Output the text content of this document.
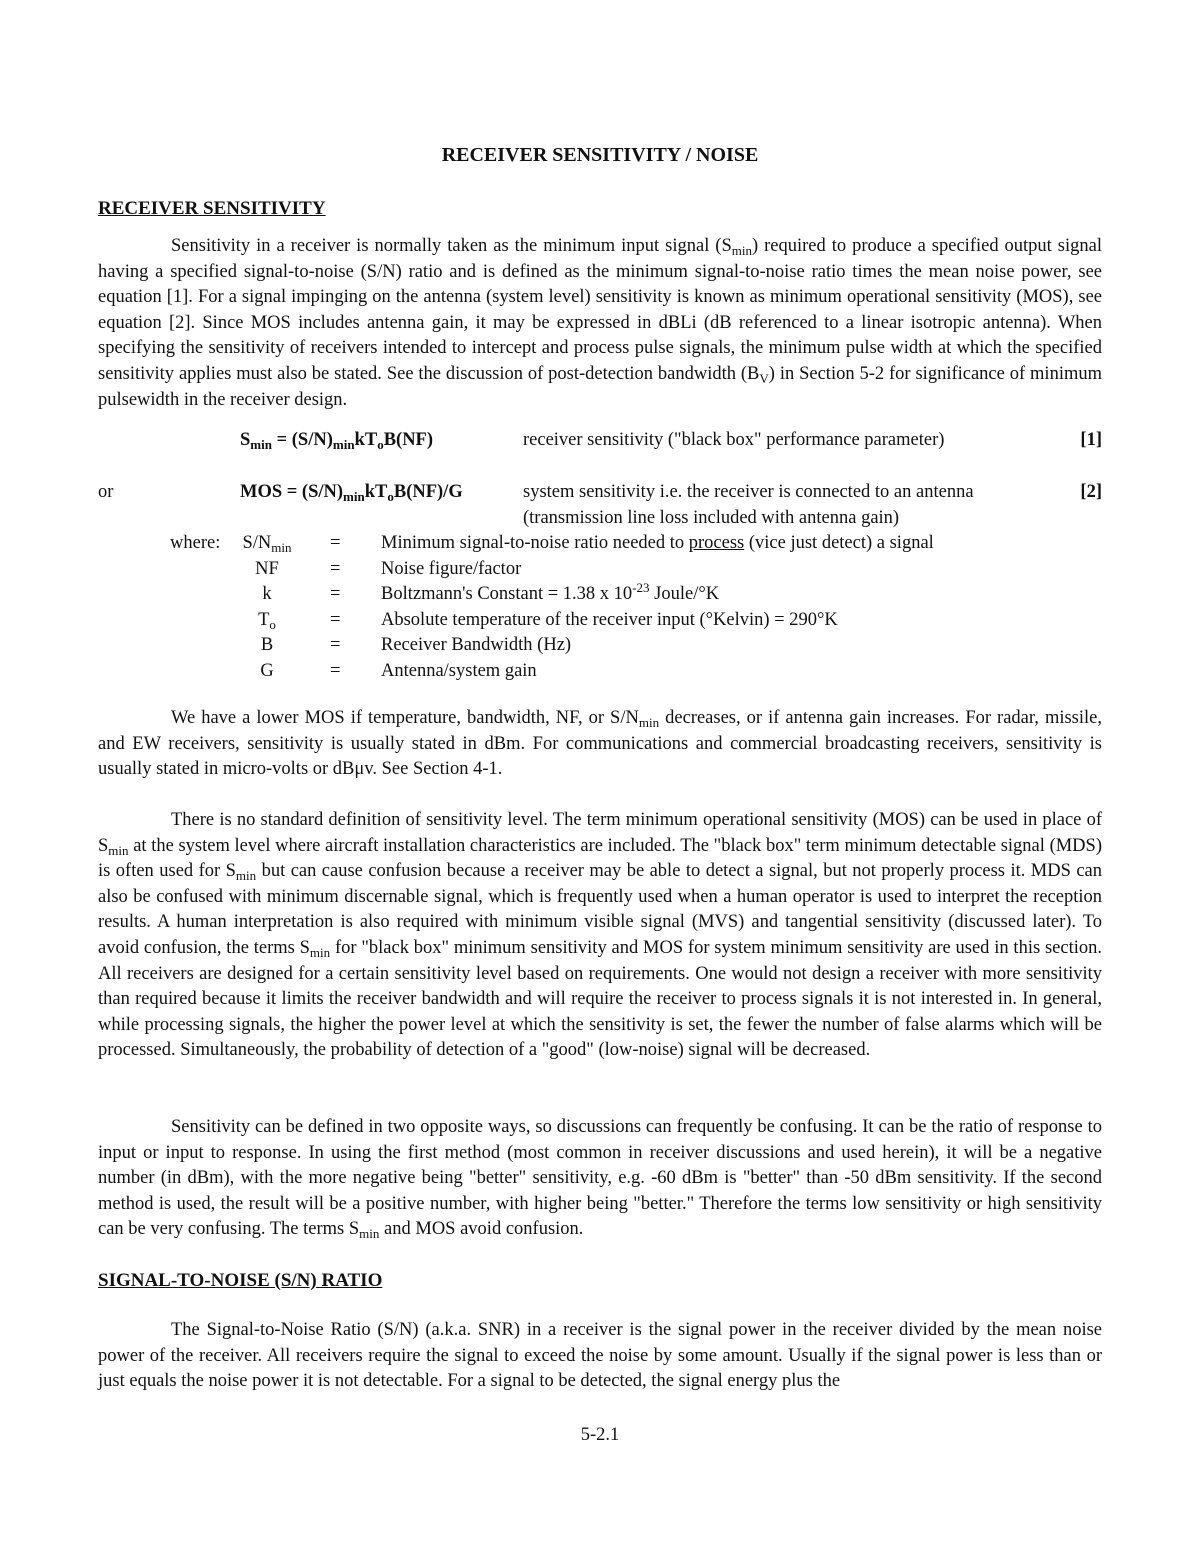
RECEIVER SENSITIVITY / NOISE
RECEIVER SENSITIVITY
Sensitivity in a receiver is normally taken as the minimum input signal $(S_{min})$ required to produce a specified output signal having a specified signal-to-noise (S/N) ratio and is defined as the minimum signal-to-noise ratio times the mean noise power, see equation [1]. For a signal impinging on the antenna (system level) sensitivity is known as minimum operational sensitivity (MOS), see equation [2]. Since MOS includes antenna gain, it may be expressed in dBLi (dB referenced to a linear isotropic antenna). When specifying the sensitivity of receivers intended to intercept and process pulse signals, the minimum pulse width at which the specified sensitivity applies must also be stated. See the discussion of post-detection bandwidth $(B_V)$ in Section 5-2 for significance of minimum pulsewidth in the receiver design.
$S_{min} = (S/N)_{min}kT_oB(NF)$	receiver sensitivity ("black box" performance parameter)	[1]
or	MOS = $(S/N)_{min}kT_oB(NF)/G$	system sensitivity i.e. the receiver is connected to an antenna	[2]
(transmission line loss included with antenna gain)
where:	$S/N_{min}$	= Minimum signal-to-noise ratio needed to process (vice just detect) a signal
NF	= Noise figure/factor
k	= Boltzmann's Constant = 1.38 x $10^{-23}$ Joule/°K
$T_o$	= Absolute temperature of the receiver input (°Kelvin) = 290°K
B	= Receiver Bandwidth (Hz)
G	= Antenna/system gain
We have a lower MOS if temperature, bandwidth, NF, or $S/N_{min}$ decreases, or if antenna gain increases. For radar, missile, and EW receivers, sensitivity is usually stated in dBm. For communications and commercial broadcasting receivers, sensitivity is usually stated in micro-volts or dBμv. See Section 4-1.
There is no standard definition of sensitivity level. The term minimum operational sensitivity (MOS) can be used in place of $S_{min}$ at the system level where aircraft installation characteristics are included. The "black box" term minimum detectable signal (MDS) is often used for $S_{min}$ but can cause confusion because a receiver may be able to detect a signal, but not properly process it. MDS can also be confused with minimum discernable signal, which is frequently used when a human operator is used to interpret the reception results. A human interpretation is also required with minimum visible signal (MVS) and tangential sensitivity (discussed later). To avoid confusion, the terms $S_{min}$ for "black box" minimum sensitivity and MOS for system minimum sensitivity are used in this section. All receivers are designed for a certain sensitivity level based on requirements. One would not design a receiver with more sensitivity than required because it limits the receiver bandwidth and will require the receiver to process signals it is not interested in. In general, while processing signals, the higher the power level at which the sensitivity is set, the fewer the number of false alarms which will be processed. Simultaneously, the probability of detection of a "good" (low-noise) signal will be decreased.
Sensitivity can be defined in two opposite ways, so discussions can frequently be confusing. It can be the ratio of response to input or input to response. In using the first method (most common in receiver discussions and used herein), it will be a negative number (in dBm), with the more negative being "better" sensitivity, e.g. -60 dBm is "better" than -50 dBm sensitivity. If the second method is used, the result will be a positive number, with higher being "better." Therefore the terms low sensitivity or high sensitivity can be very confusing. The terms $S_{min}$ and MOS avoid confusion.
SIGNAL-TO-NOISE (S/N) RATIO
The Signal-to-Noise Ratio (S/N) (a.k.a. SNR) in a receiver is the signal power in the receiver divided by the mean noise power of the receiver. All receivers require the signal to exceed the noise by some amount. Usually if the signal power is less than or just equals the noise power it is not detectable. For a signal to be detected, the signal energy plus the
5-2.1
